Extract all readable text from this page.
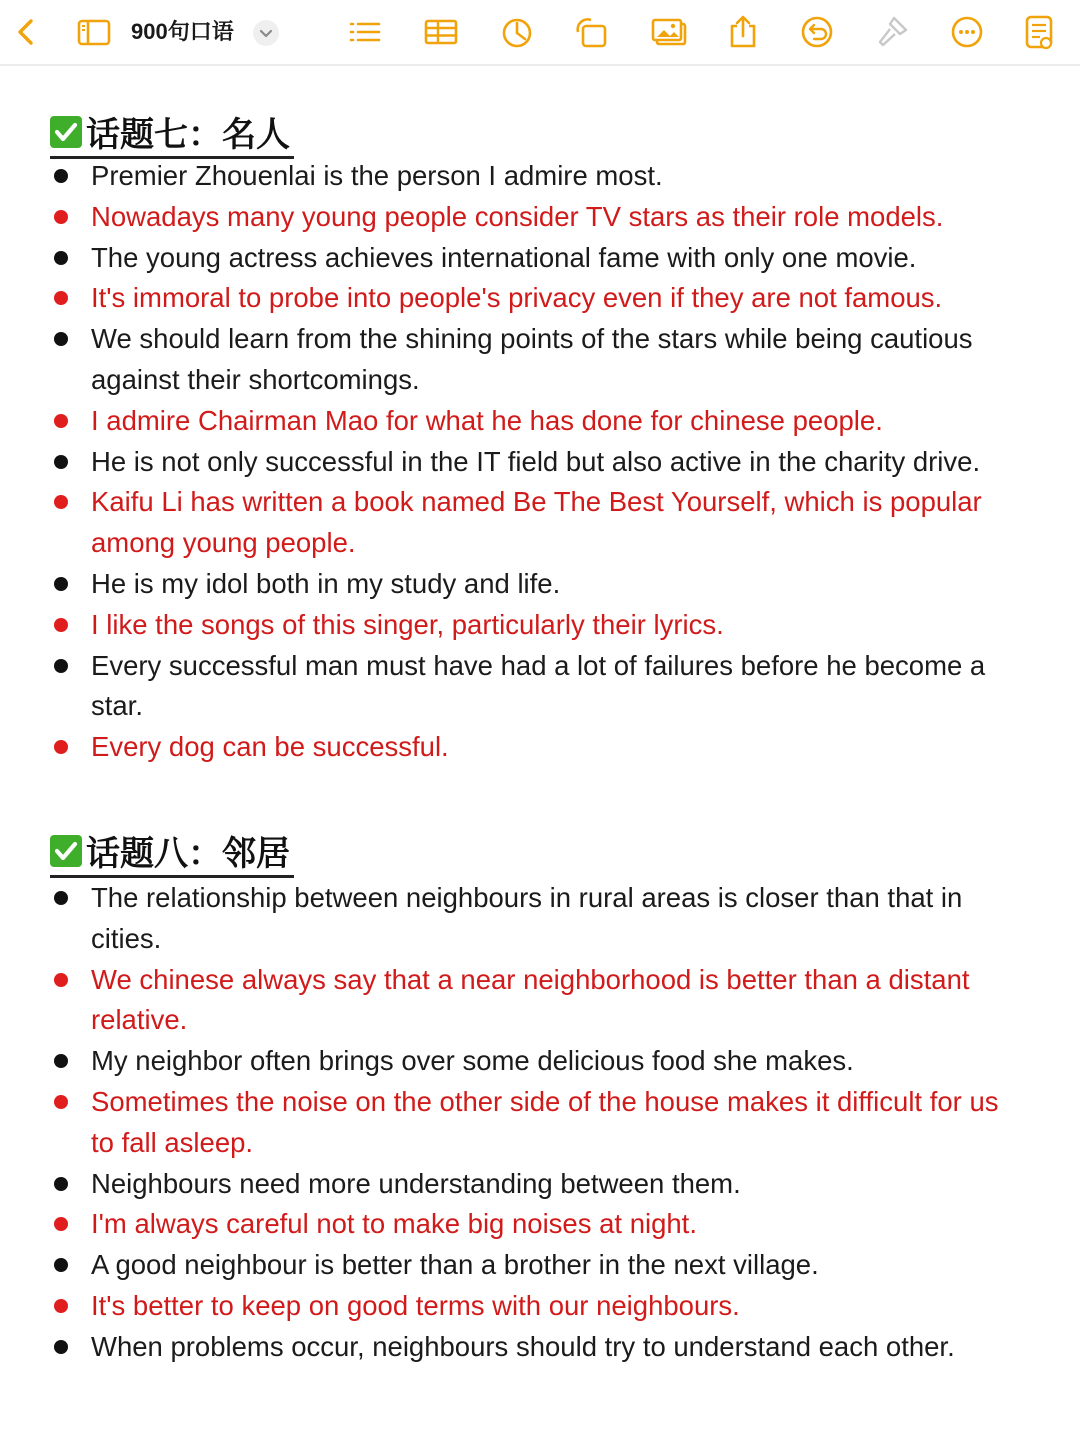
900句口语
话题七：名人
Premier Zhouenlai is the person I admire most.
Nowadays many young people consider TV stars as their role models.
The young actress achieves international fame with only one movie.
It's immoral to probe into people's privacy even if they are not famous.
We should learn from the shining points of the stars while being cautious against their shortcomings.
I admire Chairman Mao for what he has done for chinese people.
He is not only successful in the IT field but also active in the charity drive.
Kaifu Li has written a book named Be The Best Yourself, which is popular among young people.
He is my idol both in my study and life.
I like the songs of this singer, particularly their lyrics.
Every successful man must have had a lot of failures before he become a star.
Every dog can be successful.
话题八：邻居
The relationship between neighbours in rural areas is closer than that in cities.
We chinese always say that a near neighborhood is better than a distant relative.
My neighbor often brings over some delicious food she makes.
Sometimes the noise on the other side of the house makes it difficult for us to fall asleep.
Neighbours need more understanding between them.
I'm always careful not to make big noises at night.
A good neighbour is better than a brother in the next village.
It's better to keep on good terms with our neighbours.
When problems occur, neighbours should try to understand each other.
